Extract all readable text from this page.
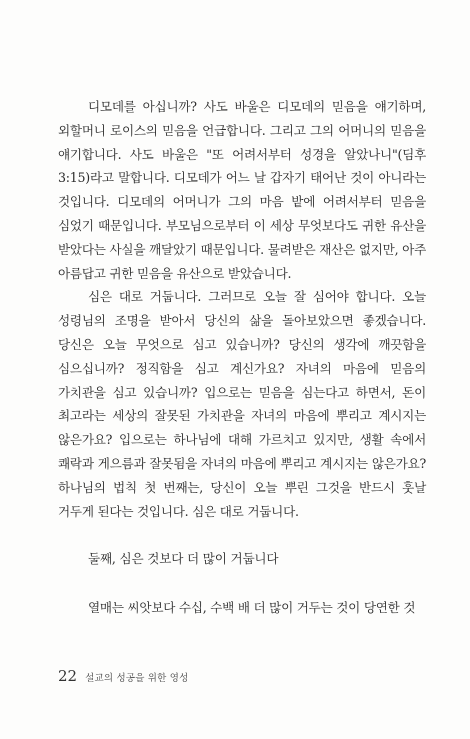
디모데를 아십니까? 사도 바울은 디모데의 믿음을 얘기하며, 외할머니 로이스의 믿음을 언급합니다. 그리고 그의 어머니의 믿음을 얘기합니다. 사도 바울은 "또 어려서부터 성경을 알았나니"(딤후 3:15)라고 말합니다. 디모데가 어느 날 갑자기 태어난 것이 아니라는 것입니다. 디모데의 어머니가 그의 마음 밭에 어려서부터 믿음을 심었기 때문입니다. 부모님으로부터 이 세상 무엇보다도 귀한 유산을 받았다는 사실을 깨달았기 때문입니다. 물려받은 재산은 없지만, 아주 아름답고 귀한 믿음을 유산으로 받았습니다.

심은 대로 거둡니다. 그러므로 오늘 잘 심어야 합니다. 오늘 성령님의 조명을 받아서 당신의 삶을 돌아보았으면 좋겠습니다. 당신은 오늘 무엇으로 심고 있습니까? 당신의 생각에 깨끗함을 심으십니까? 정직함을 심고 계신가요? 자녀의 마음에 믿음의 가치관을 심고 있습니까? 입으로는 믿음을 심는다고 하면서, 돈이 최고라는 세상의 잘못된 가치관을 자녀의 마음에 뿌리고 계시지는 않은가요? 입으로는 하나님에 대해 가르치고 있지만, 생활 속에서 쾌락과 게으름과 잘못됨을 자녀의 마음에 뿌리고 계시지는 않은가요? 하나님의 법칙 첫 번째는, 당신이 오늘 뿌린 그것을 반드시 훗날 거두게 된다는 것입니다. 심은 대로 거둡니다.

둘째, 심은 것보다 더 많이 거둡니다

열매는 씨앗보다 수십, 수백 배 더 많이 거두는 것이 당연한 것

22 설교의 성공을 위한 영성
